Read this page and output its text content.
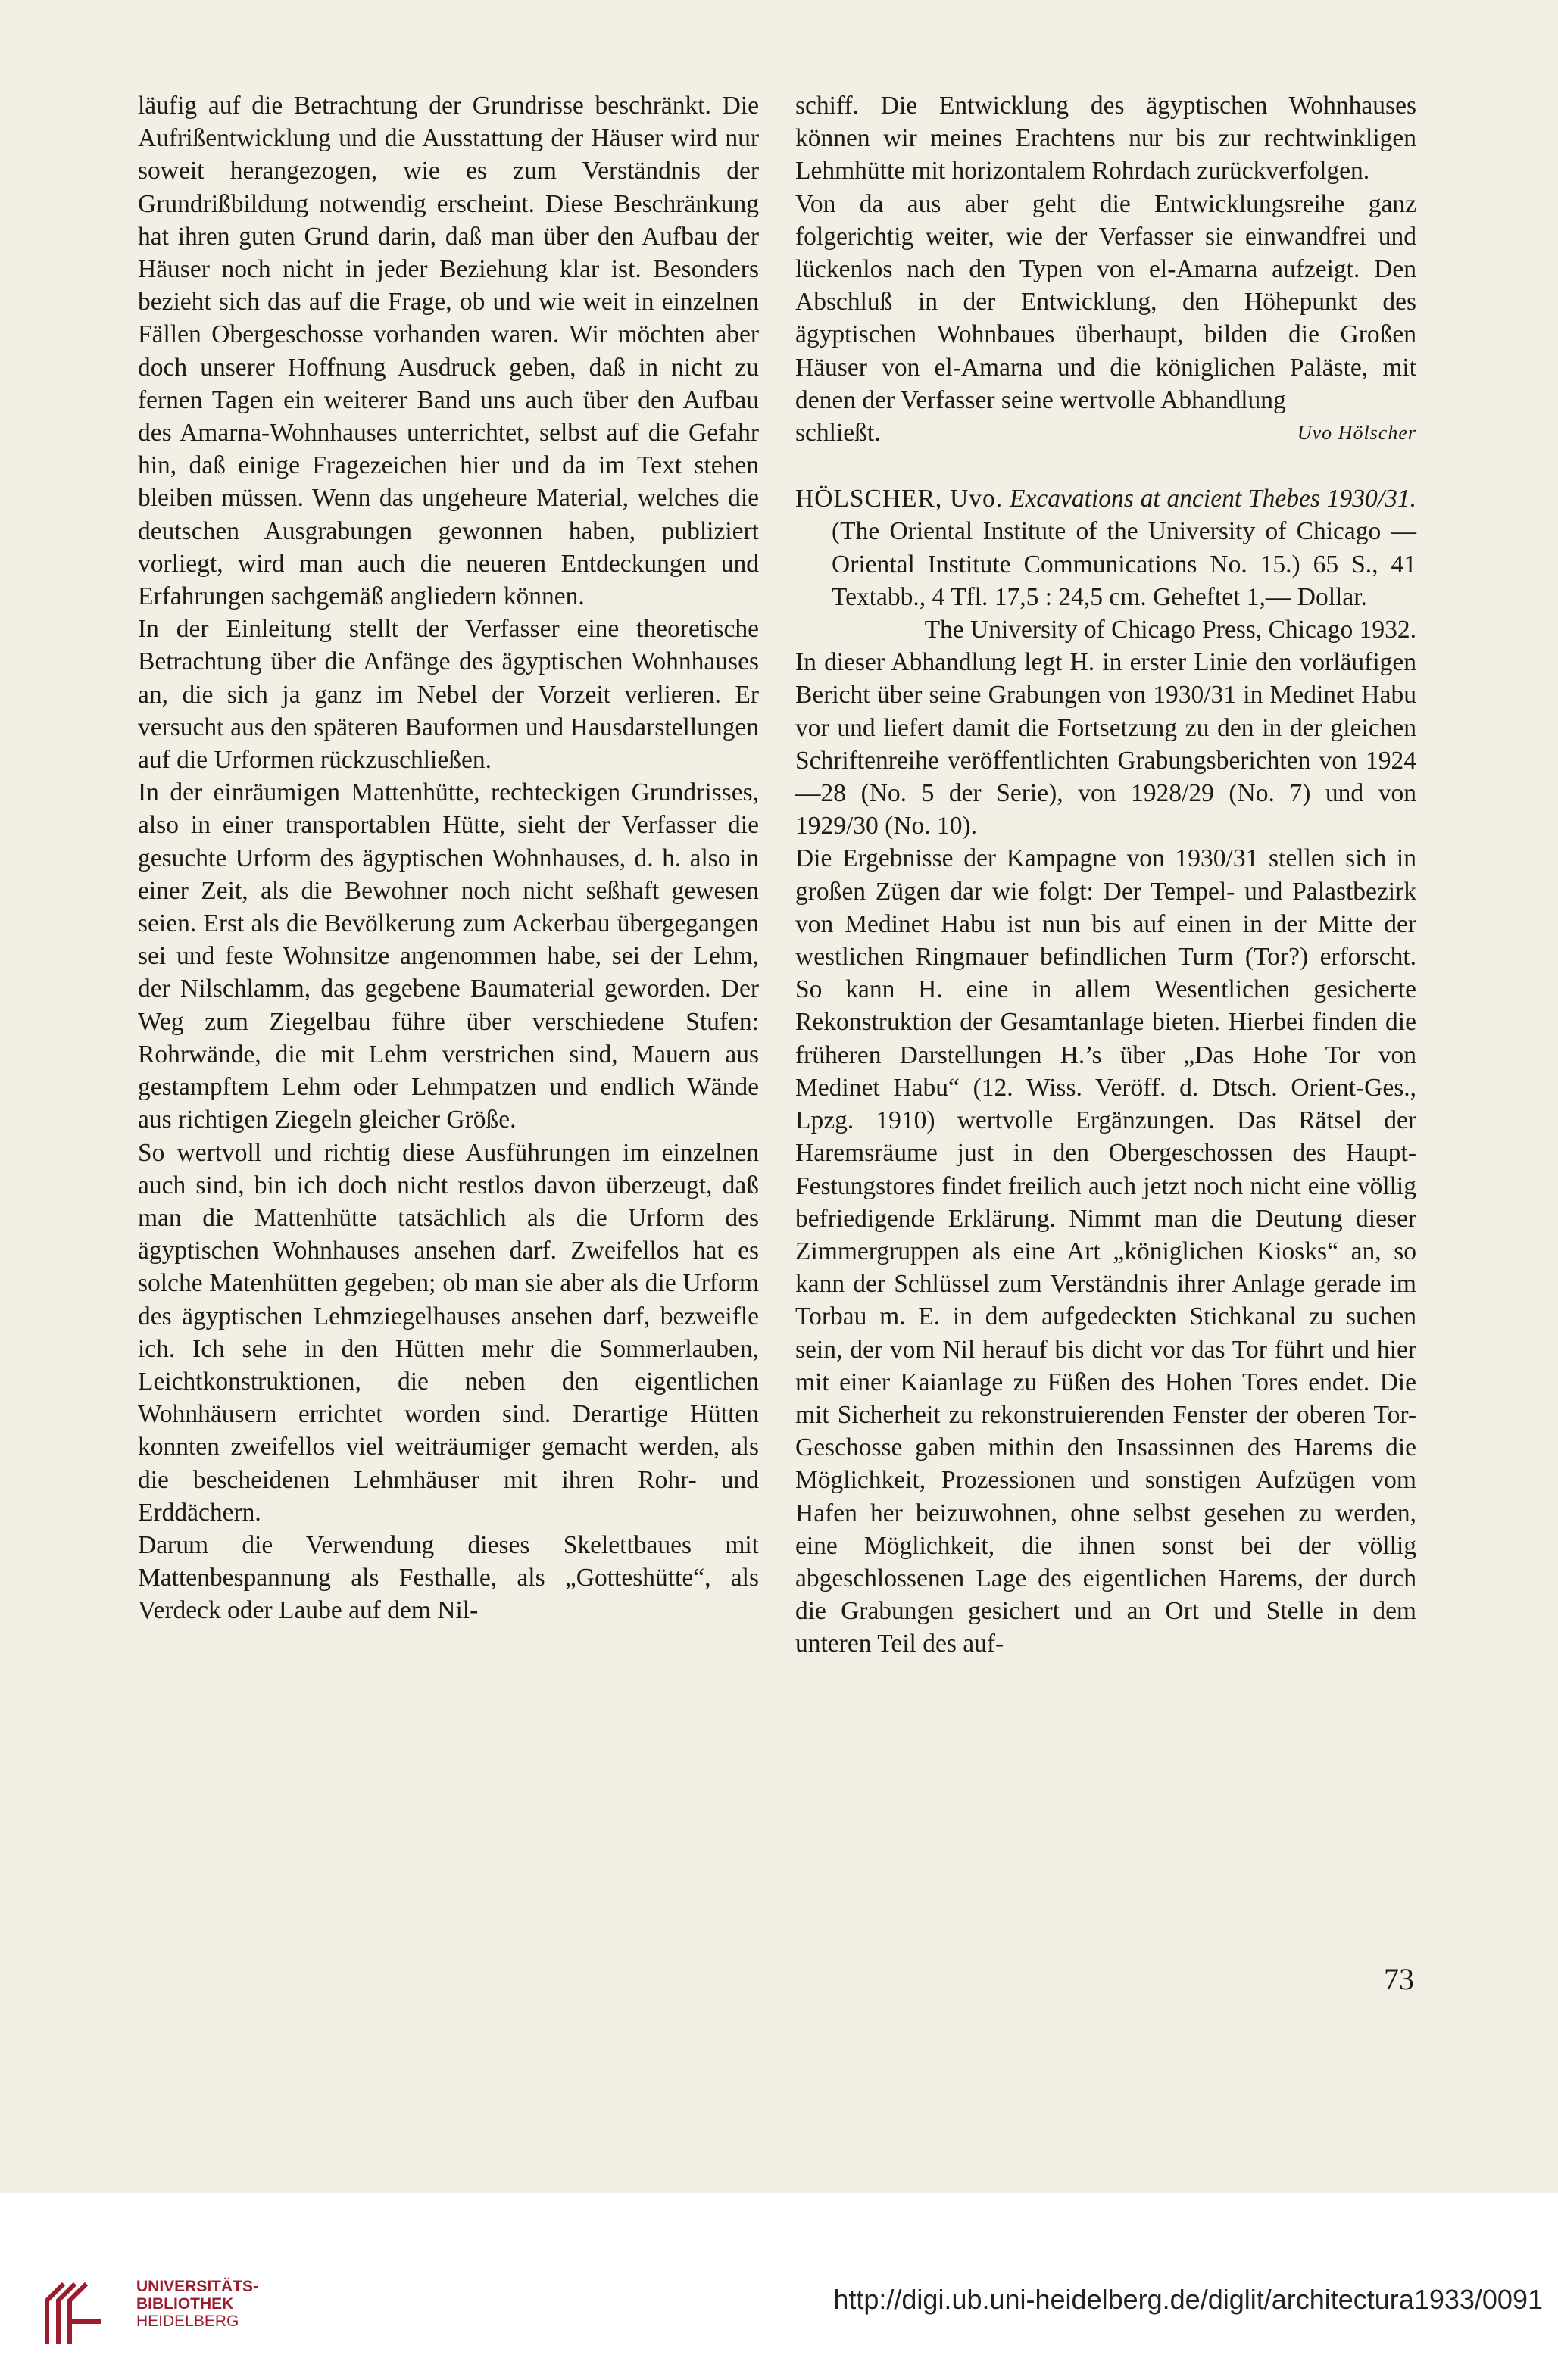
läufig auf die Betrachtung der Grundrisse beschränkt. Die Aufrißentwicklung und die Ausstattung der Häuser wird nur soweit herangezogen, wie es zum Verständnis der Grundrißbildung notwendig erscheint. Diese Beschränkung hat ihren guten Grund darin, daß man über den Aufbau der Häuser noch nicht in jeder Beziehung klar ist. Besonders bezieht sich das auf die Frage, ob und wie weit in einzelnen Fällen Obergeschosse vorhanden waren. Wir möchten aber doch unserer Hoffnung Ausdruck geben, daß in nicht zu fernen Tagen ein weiterer Band uns auch über den Aufbau des Amarna-Wohnhauses unterrichtet, selbst auf die Gefahr hin, daß einige Fragezeichen hier und da im Text stehen bleiben müssen. Wenn das ungeheure Material, welches die deutschen Ausgrabungen gewonnen haben, publiziert vorliegt, wird man auch die neueren Entdeckungen und Erfahrungen sachgemäß angliedern können.

In der Einleitung stellt der Verfasser eine theoretische Betrachtung über die Anfänge des ägyptischen Wohnhauses an, die sich ja ganz im Nebel der Vorzeit verlieren. Er versucht aus den späteren Bauformen und Hausdarstellungen auf die Urformen rückzuschließen.

In der einräumigen Mattenhütte, rechteckigen Grundrisses, also in einer transportablen Hütte, sieht der Verfasser die gesuchte Urform des ägyptischen Wohnhauses, d. h. also in einer Zeit, als die Bewohner noch nicht seßhaft gewesen seien. Erst als die Bevölkerung zum Ackerbau übergegangen sei und feste Wohnsitze angenommen habe, sei der Lehm, der Nilschlamm, das gegebene Baumaterial geworden. Der Weg zum Ziegelbau führe über verschiedene Stufen: Rohrwände, die mit Lehm verstrichen sind, Mauern aus gestampftem Lehm oder Lehmpatzen und endlich Wände aus richtigen Ziegeln gleicher Größe.

So wertvoll und richtig diese Ausführungen im einzelnen auch sind, bin ich doch nicht restlos davon überzeugt, daß man die Mattenhütte tatsächlich als die Urform des ägyptischen Wohnhauses ansehen darf. Zweifellos hat es solche Matenhütten gegeben; ob man sie aber als die Urform des ägyptischen Lehmziegelhauses ansehen darf, bezweifle ich. Ich sehe in den Hütten mehr die Sommerlauben, Leichtkonstruktionen, die neben den eigentlichen Wohnhäusern errichtet worden sind. Derartige Hütten konnten zweifellos viel weiträumiger gemacht werden, als die bescheidenen Lehmhäuser mit ihren Rohr- und Erddächern.

Darum die Verwendung dieses Skelettbaues mit Mattenbespannung als Festhalle, als „Gotteshütte“, als Verdeck oder Laube auf dem Nil-

schiff. Die Entwicklung des ägyptischen Wohnhauses können wir meines Erachtens nur bis zur rechtwinkligen Lehmhütte mit horizontalem Rohrdach zurückverfolgen.

Von da aus aber geht die Entwicklungsreihe ganz folgerichtig weiter, wie der Verfasser sie einwandfrei und lückenlos nach den Typen von el-Amarna aufzeigt. Den Abschluß in der Entwicklung, den Höhepunkt des ägyptischen Wohnbaues überhaupt, bilden die Großen Häuser von el-Amarna und die königlichen Paläste, mit denen der Verfasser seine wertvolle Abhandlung

schließt.	Uvo Hölscher

HÖLSCHER, Uvo. Excavations at ancient Thebes 1930/31. (The Oriental Institute of the University of Chicago — Oriental Institute Communications No. 15.) 65 S., 41 Textabb., 4 Tfl. 17,5 : 24,5 cm. Geheftet 1,— Dollar.

The University of Chicago Press, Chicago 1932.

In dieser Abhandlung legt H. in erster Linie den vorläufigen Bericht über seine Grabungen von 1930/31 in Medinet Habu vor und liefert damit die Fortsetzung zu den in der gleichen Schriftenreihe veröffentlichten Grabungsberichten von 1924—28 (No. 5 der Serie), von 1928/29 (No. 7) und von 1929/30 (No. 10).

Die Ergebnisse der Kampagne von 1930/31 stellen sich in großen Zügen dar wie folgt: Der Tempel- und Palastbezirk von Medinet Habu ist nun bis auf einen in der Mitte der westlichen Ringmauer befindlichen Turm (Tor?) erforscht. So kann H. eine in allem Wesentlichen gesicherte Rekonstruktion der Gesamtanlage bieten. Hierbei finden die früheren Darstellungen H.’s über „Das Hohe Tor von Medinet Habu“ (12. Wiss. Veröff. d. Dtsch. Orient-Ges., Lpzg. 1910) wertvolle Ergänzungen. Das Rätsel der Haremsräume just in den Obergeschossen des Haupt-Festungstores findet freilich auch jetzt noch nicht eine völlig befriedigende Erklärung. Nimmt man die Deutung dieser Zimmergruppen als eine Art „königlichen Kiosks“ an, so kann der Schlüssel zum Verständnis ihrer Anlage gerade im Torbau m. E. in dem aufgedeckten Stichkanal zu suchen sein, der vom Nil herauf bis dicht vor das Tor führt und hier mit einer Kaianlage zu Füßen des Hohen Tores endet. Die mit Sicherheit zu rekonstruierenden Fenster der oberen Tor-Geschosse gaben mithin den Insassinnen des Harems die Möglichkeit, Prozessionen und sonstigen Aufzügen vom Hafen her beizuwohnen, ohne selbst gesehen zu werden, eine Möglichkeit, die ihnen sonst bei der völlig abgeschlossenen Lage des eigentlichen Harems, der durch die Grabungen gesichert und an Ort und Stelle in dem unteren Teil des auf-

73
UNIVERSITÄTS-
BIBLIOTHEK
HEIDELBERG
http://digi.ub.uni-heidelberg.de/diglit/architectura1933/0091
